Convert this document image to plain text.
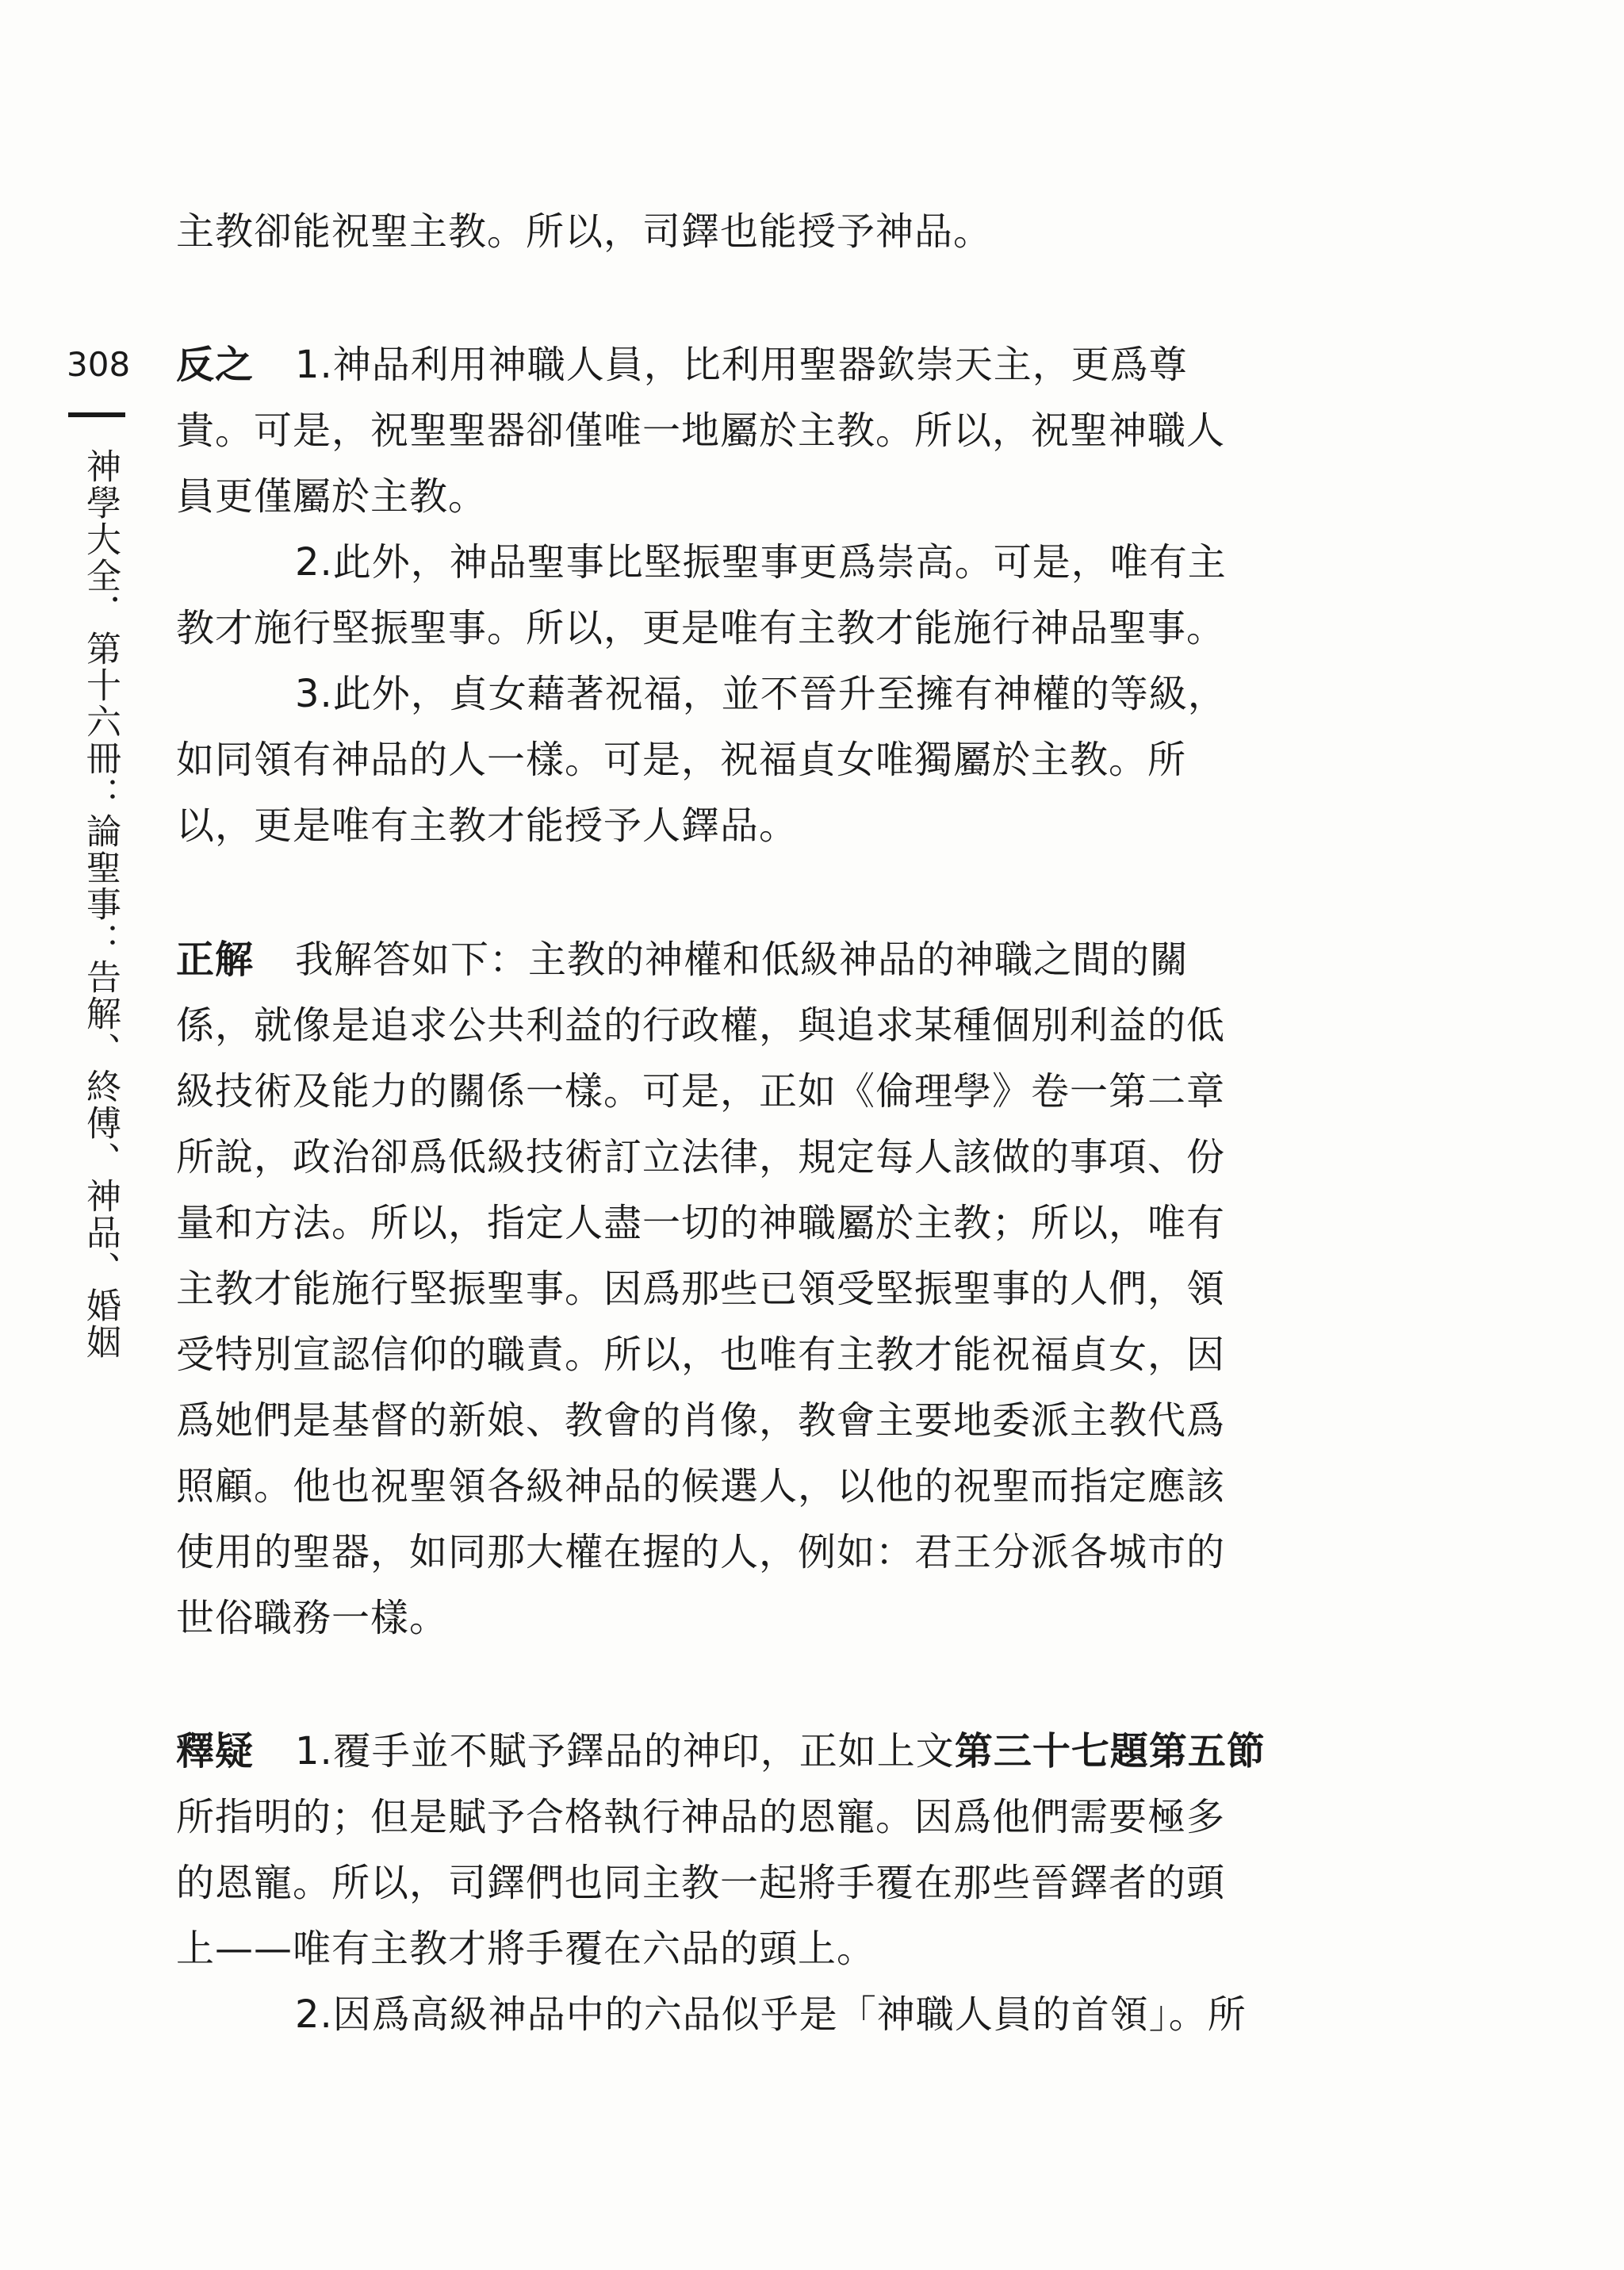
308
神學大全．第十六冊：論聖事：告解、終傅、神品、婚姻
主教卻能祝聖主教。所以，司鐸也能授予神品。
反之 1.神品利用神職人員，比利用聖器欽崇天主，更爲尊
貴。可是，祝聖聖器卻僅唯一地屬於主教。所以，祝聖神職人
員更僅屬於主教。
2.此外，神品聖事比堅振聖事更爲崇高。可是，唯有主
教才施行堅振聖事。所以，更是唯有主教才能施行神品聖事。
3.此外，貞女藉著祝福，並不晉升至擁有神權的等級，
如同領有神品的人一樣。可是，祝福貞女唯獨屬於主教。所
以，更是唯有主教才能授予人鐸品。
正解 我解答如下：主教的神權和低級神品的神職之間的關
係，就像是追求公共利益的行政權，與追求某種個別利益的低
級技術及能力的關係一樣。可是，正如《倫理學》卷一第二章
所說，政治卻爲低級技術訂立法律，規定每人該做的事項、份
量和方法。所以，指定人盡一切的神職屬於主教；所以，唯有
主教才能施行堅振聖事。因爲那些已領受堅振聖事的人們，領
受特別宣認信仰的職責。所以，也唯有主教才能祝福貞女，因
爲她們是基督的新娘、教會的肖像，教會主要地委派主教代爲
照顧。他也祝聖領各級神品的候選人，以他的祝聖而指定應該
使用的聖器，如同那大權在握的人，例如：君王分派各城市的
世俗職務一樣。
釋疑 1.覆手並不賦予鐸品的神印，正如上文第三十七題第五節
所指明的；但是賦予合格執行神品的恩寵。因爲他們需要極多
的恩寵。所以，司鐸們也同主教一起將手覆在那些晉鐸者的頭
上——唯有主教才將手覆在六品的頭上。
2.因爲高級神品中的六品似乎是「神職人員的首領」。所
